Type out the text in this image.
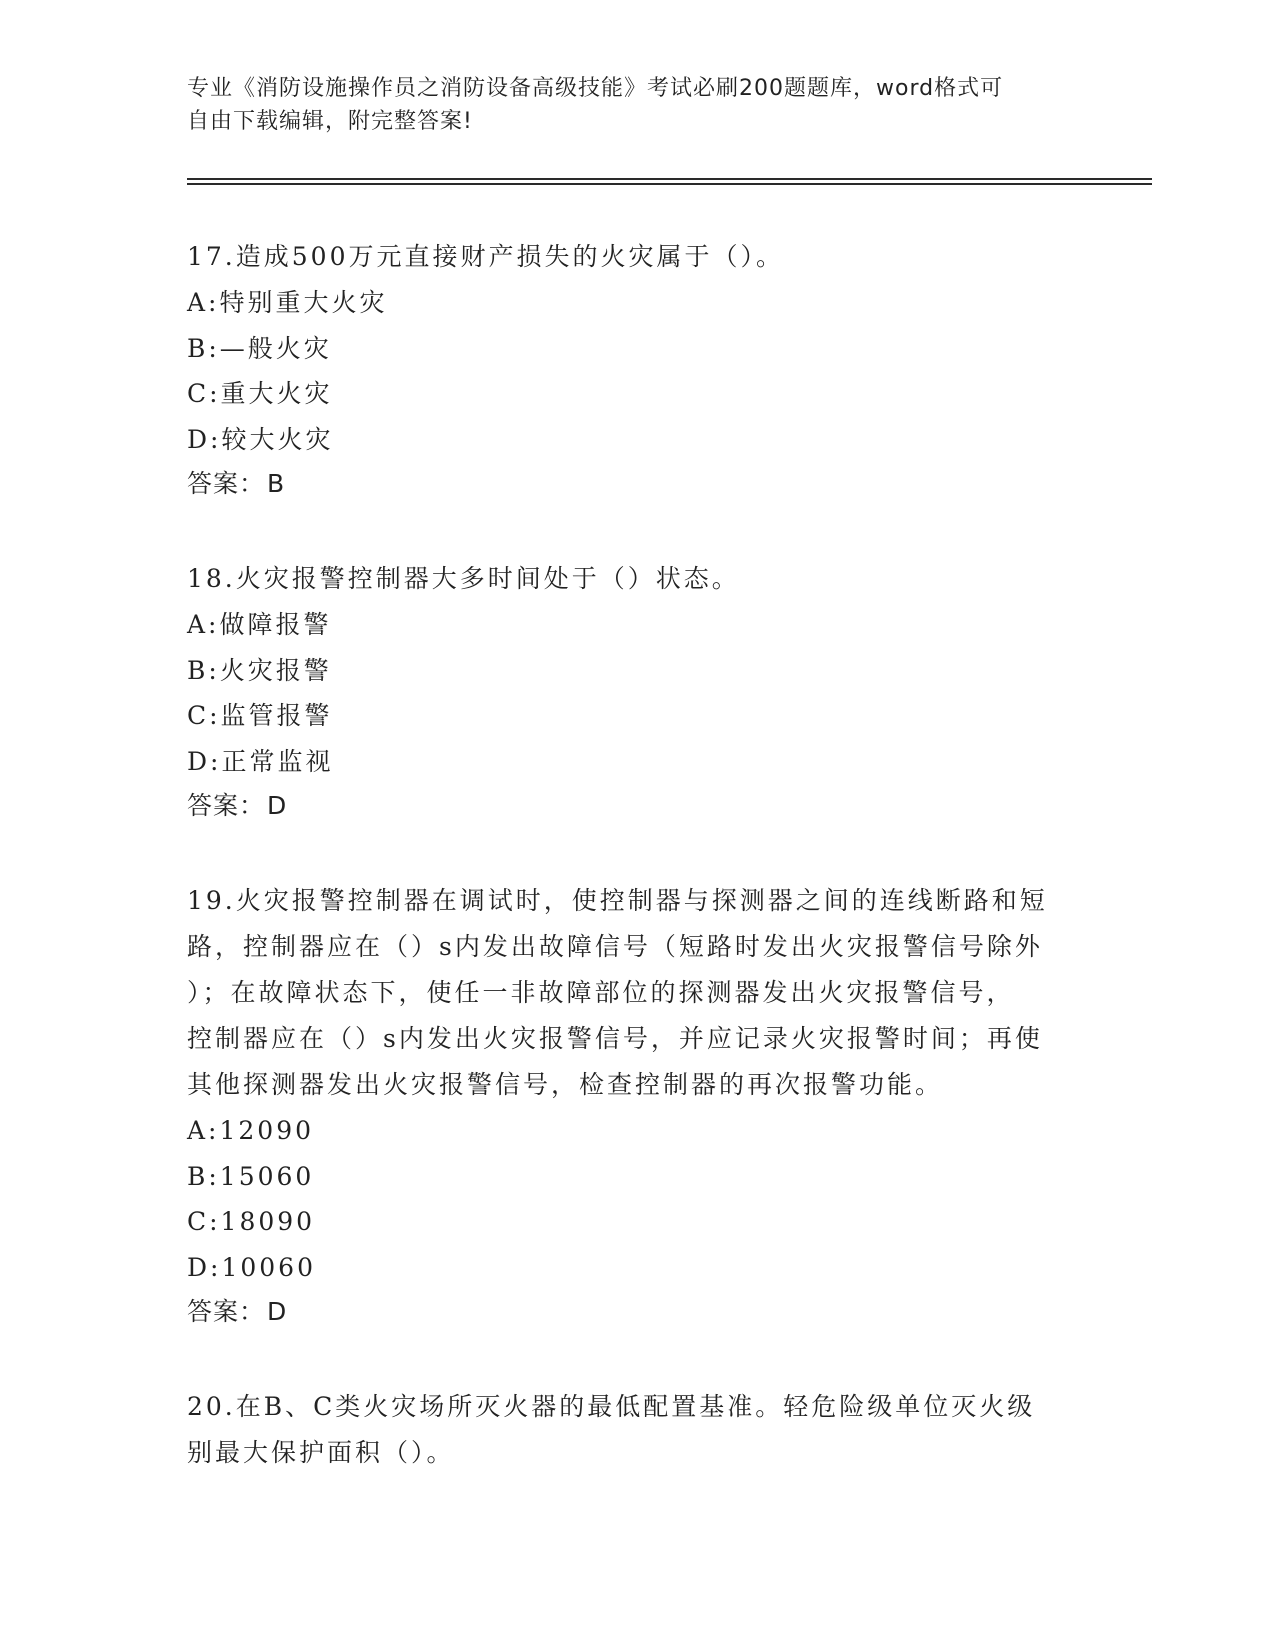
专业《消防设施操作员之消防设备高级技能》考试必刷200题题库，word格式可
自由下载编辑，附完整答案!

17.造成500万元直接财产损失的火灾属于（）。

A:特别重大火灾

B:—般火灾

C:重大火灾

D:较大火灾

答案：B

18.火灾报警控制器大多时间处于（）状态。

A:做障报警

B:火灾报警

C:监管报警

D:正常监视

答案：D

19.火灾报警控制器在调试时，使控制器与探测器之间的连线断路和短

路，控制器应在（）s内发出故障信号（短路时发出火灾报警信号除外

）；在故障状态下，使任一非故障部位的探测器发出火灾报警信号，

控制器应在（）s内发出火灾报警信号，并应记录火灾报警时间；再使

其他探测器发出火灾报警信号，检查控制器的再次报警功能。

A:12090

B:15060

C:18090

D:10060

答案：D

20.在B、C类火灾场所灭火器的最低配置基准。轻危险级单位灭火级

别最大保护面积（）。
